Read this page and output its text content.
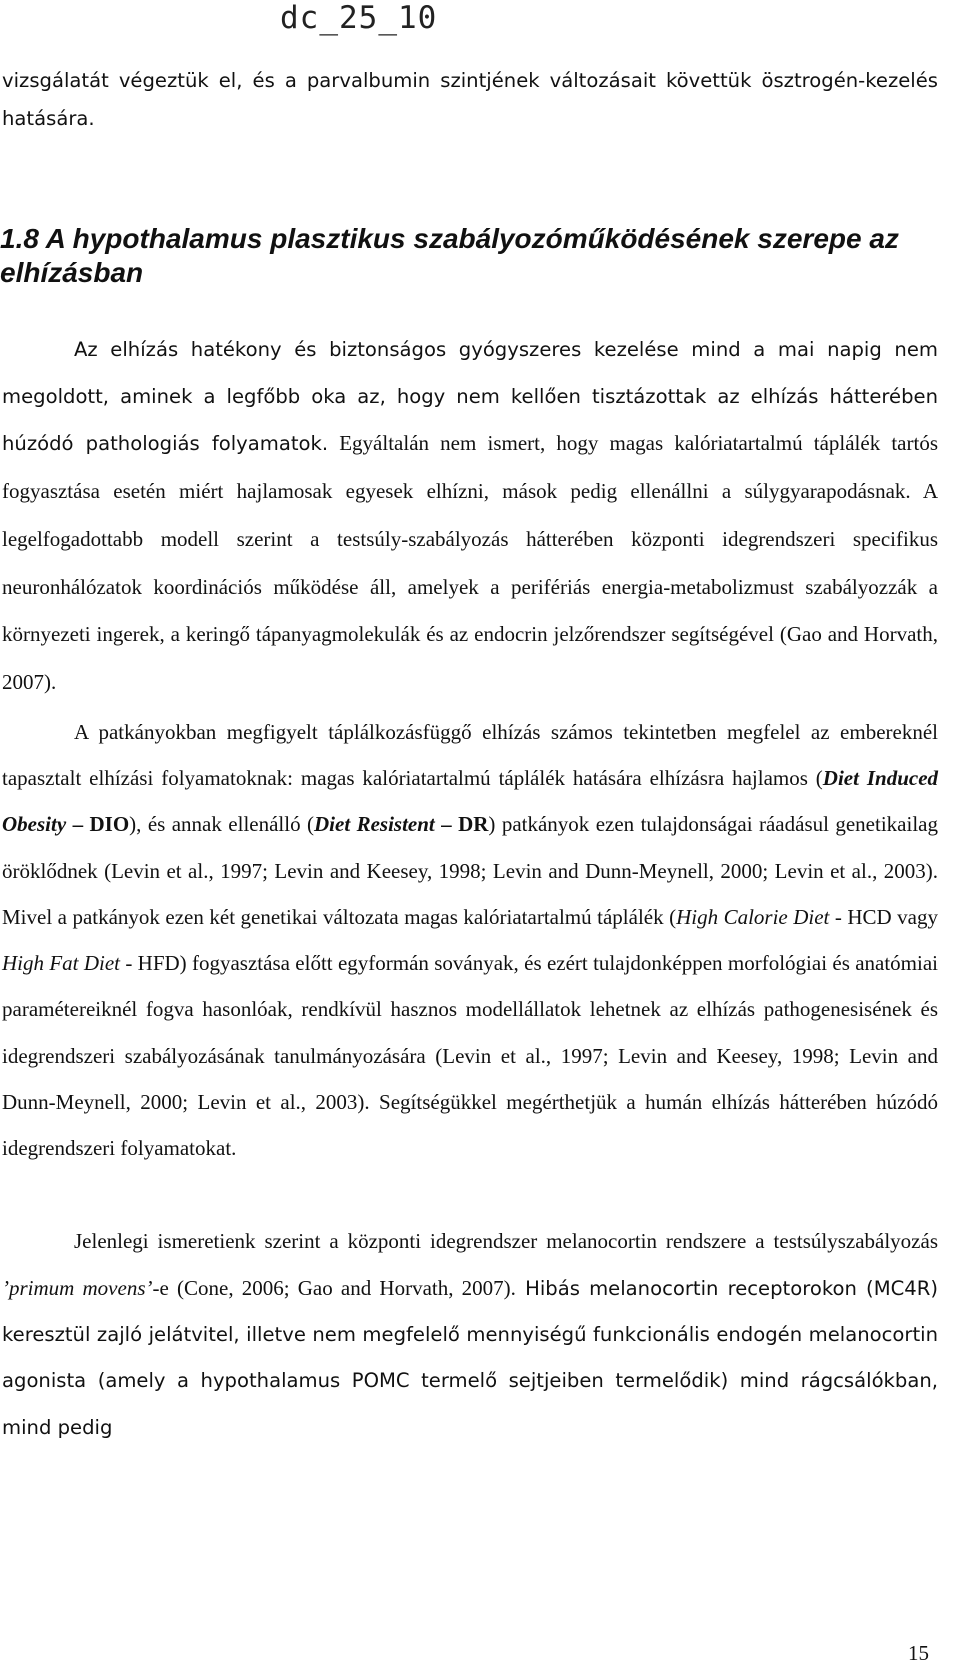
dc_25_10

vizsgálatát végeztük el, és a parvalbumin szintjének változásait követtük ösztrogén-kezelés hatására.

1.8 A hypothalamus plasztikus szabályozóműködésének szerepe az elhízásban

Az elhízás hatékony és biztonságos gyógyszeres kezelése mind a mai napig nem megoldott, aminek a legfőbb oka az, hogy nem kellően tisztázottak az elhízás hátterében húzódó pathologiás folyamatok. Egyáltalán nem ismert, hogy magas kalóriatartalmú táplálék tartós fogyasztása esetén miért hajlamosak egyesek elhízni, mások pedig ellenállni a súlygyarapodásnak. A legelfogadottabb modell szerint a testsúly-szabályozás hátterében központi idegrendszeri specifikus neuronhálózatok koordinációs működése áll, amelyek a perifériás energia-metabolizmust szabályozzák a környezeti ingerek, a keringő tápanyagmolekulák és az endocrin jelzőrendszer segítségével (Gao and Horvath, 2007).

A patkányokban megfigyelt táplálkozásfüggő elhízás számos tekintetben megfelel az embereknél tapasztalt elhízási folyamatoknak: magas kalóriatartalmú táplálék hatására elhízásra hajlamos (Diet Induced Obesity – DIO), és annak ellenálló (Diet Resistent – DR) patkányok ezen tulajdonságai ráadásul genetikailag öröklődnek (Levin et al., 1997; Levin and Keesey, 1998; Levin and Dunn-Meynell, 2000; Levin et al., 2003). Mivel a patkányok ezen két genetikai változata magas kalóriatartalmú táplálék (High Calorie Diet - HCD vagy High Fat Diet - HFD) fogyasztása előtt egyformán soványak, és ezért tulajdonképpen morfológiai és anatómiai paramétereiknél fogva hasonlóak, rendkívül hasznos modellállatok lehetnek az elhízás pathogenesisének és idegrendszeri szabályozásának tanulmányozására (Levin et al., 1997; Levin and Keesey, 1998; Levin and Dunn-Meynell, 2000; Levin et al., 2003). Segítségükkel megérthetjük a humán elhízás hátterében húzódó idegrendszeri folyamatokat.

Jelenlegi ismeretienk szerint a központi idegrendszer melanocortin rendszere a testsúlyszabályozás ’primum movens’-e (Cone, 2006; Gao and Horvath, 2007). Hibás melanocortin receptorokon (MC4R) keresztül zajló jelátvitel, illetve nem megfelelő mennyiségű funkcionális endogén melanocortin agonista (amely a hypothalamus POMC termelő sejtjeiben termelődik) mind rágcsálókban, mind pedig

15
